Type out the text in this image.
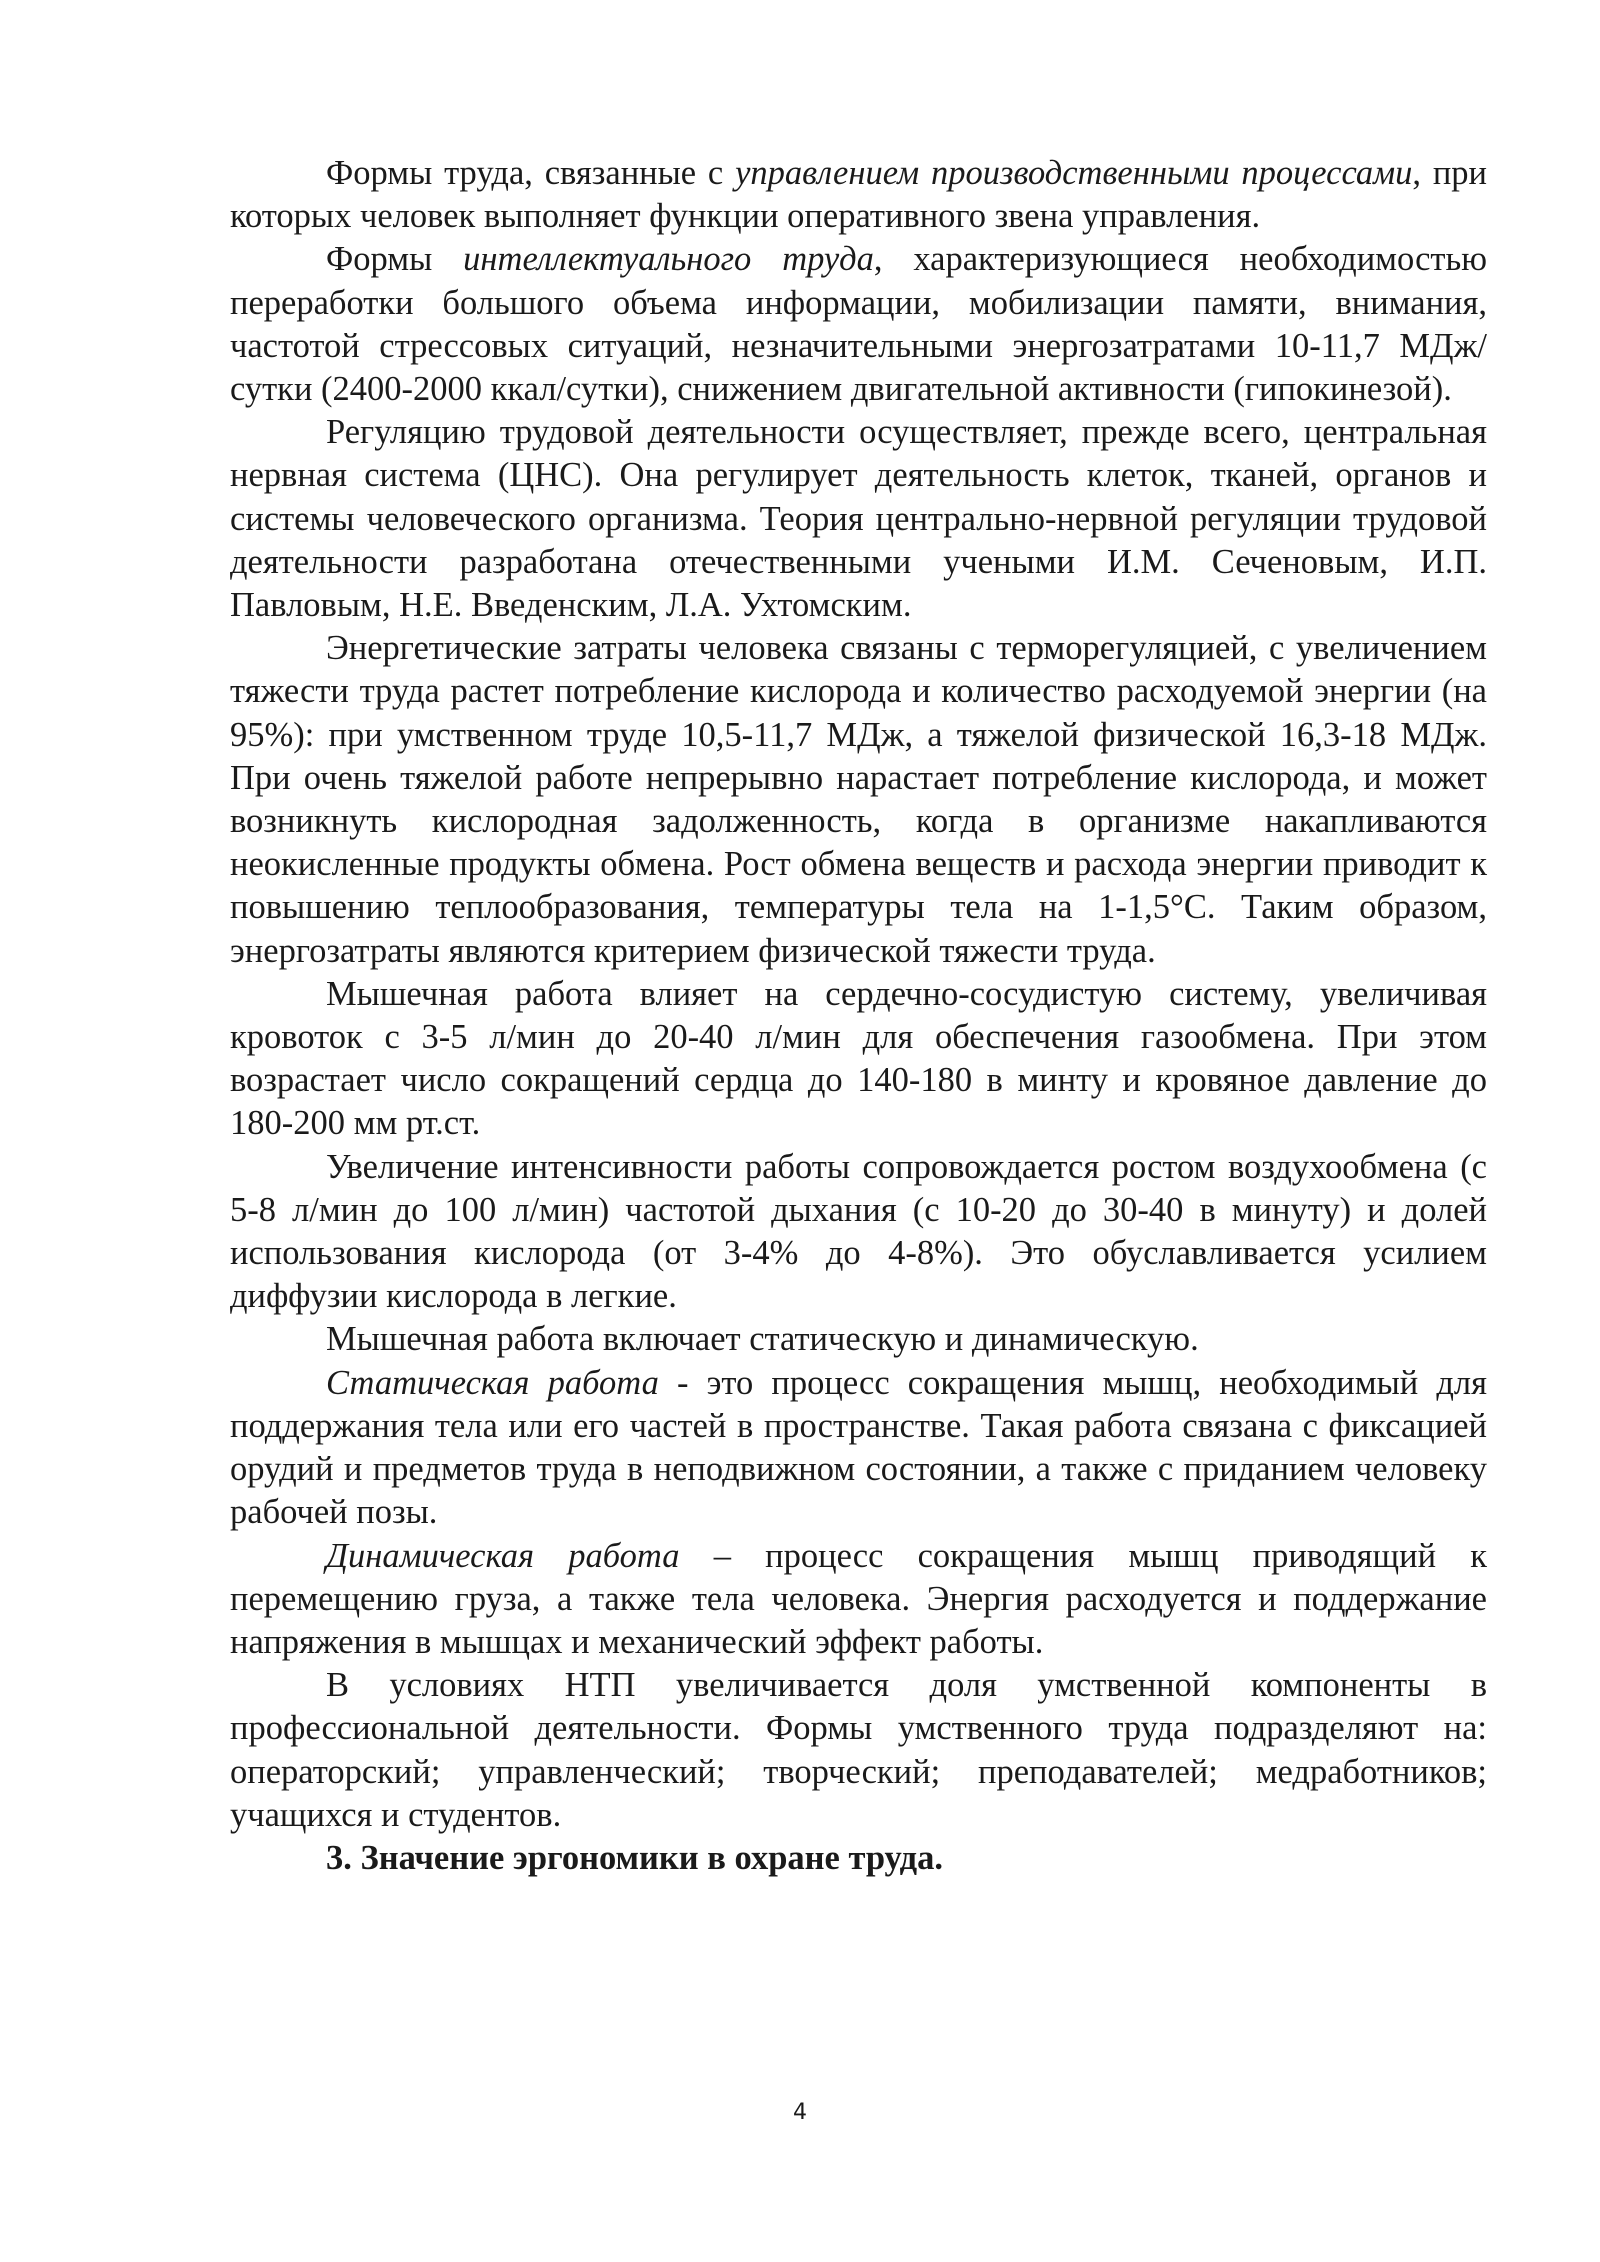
Формы труда, связанные с управлением производственными процессами, при которых человек выполняет функции оперативного звена управления.

Формы интеллектуального труда, характеризующиеся необходимостью переработки большого объема информации, мобилизации памяти, внимания, частотой стрессовых ситуаций, незначительными энергозатратами 10-11,7 МДж/сутки (2400-2000 ккал/сутки), снижением двигательной активности (гипокинезой).

Регуляцию трудовой деятельности осуществляет, прежде всего, центральная нервная система (ЦНС). Она регулирует деятельность клеток, тканей, органов и системы человеческого организма. Теория центрально-нервной регуляции трудовой деятельности разработана отечественными учеными И.М. Сеченовым, И.П. Павловым, Н.Е. Введенским, Л.А. Ухтомским.

Энергетические затраты человека связаны с терморегуляцией, с увеличением тяжести труда растет потребление кислорода и количество расходуемой энергии (на 95%): при умственном труде 10,5-11,7 МДж, а тяжелой физической 16,3-18 МДж. При очень тяжелой работе непрерывно нарастает потребление кислорода, и может возникнуть кислородная задолженность, когда в организме накапливаются неокисленные продукты обмена. Рост обмена веществ и расхода энергии приводит к повышению теплообразования, температуры тела на 1-1,5°С. Таким образом, энергозатраты являются критерием физической тяжести труда.

Мышечная работа влияет на сердечно-сосудистую систему, увеличивая кровоток с 3-5 л/мин до 20-40 л/мин для обеспечения газообмена. При этом возрастает число сокращений сердца до 140-180 в минту и кровяное давление до 180-200 мм рт.ст.

Увеличение интенсивности работы сопровождается ростом воздухообмена (с 5-8 л/мин до 100 л/мин) частотой дыхания (с 10-20 до 30-40 в минуту) и долей использования кислорода (от 3-4% до 4-8%). Это обуславливается усилием диффузии кислорода в легкие.

Мышечная работа включает статическую и динамическую.

Статическая работа - это процесс сокращения мышц, необходимый для поддержания тела или его частей в пространстве. Такая работа связана с фиксацией орудий и предметов труда в неподвижном состоянии, а также с приданием человеку рабочей позы.

Динамическая работа – процесс сокращения мышц приводящий к перемещению груза, а также тела человека. Энергия расходуется и поддержание напряжения в мышцах и механический эффект работы.

В условиях НТП увеличивается доля умственной компоненты в профессиональной деятельности. Формы умственного труда подразделяют на: операторский; управленческий; творческий; преподавателей; медработников; учащихся и студентов.

3. Значение эргономики в охране труда.

4
